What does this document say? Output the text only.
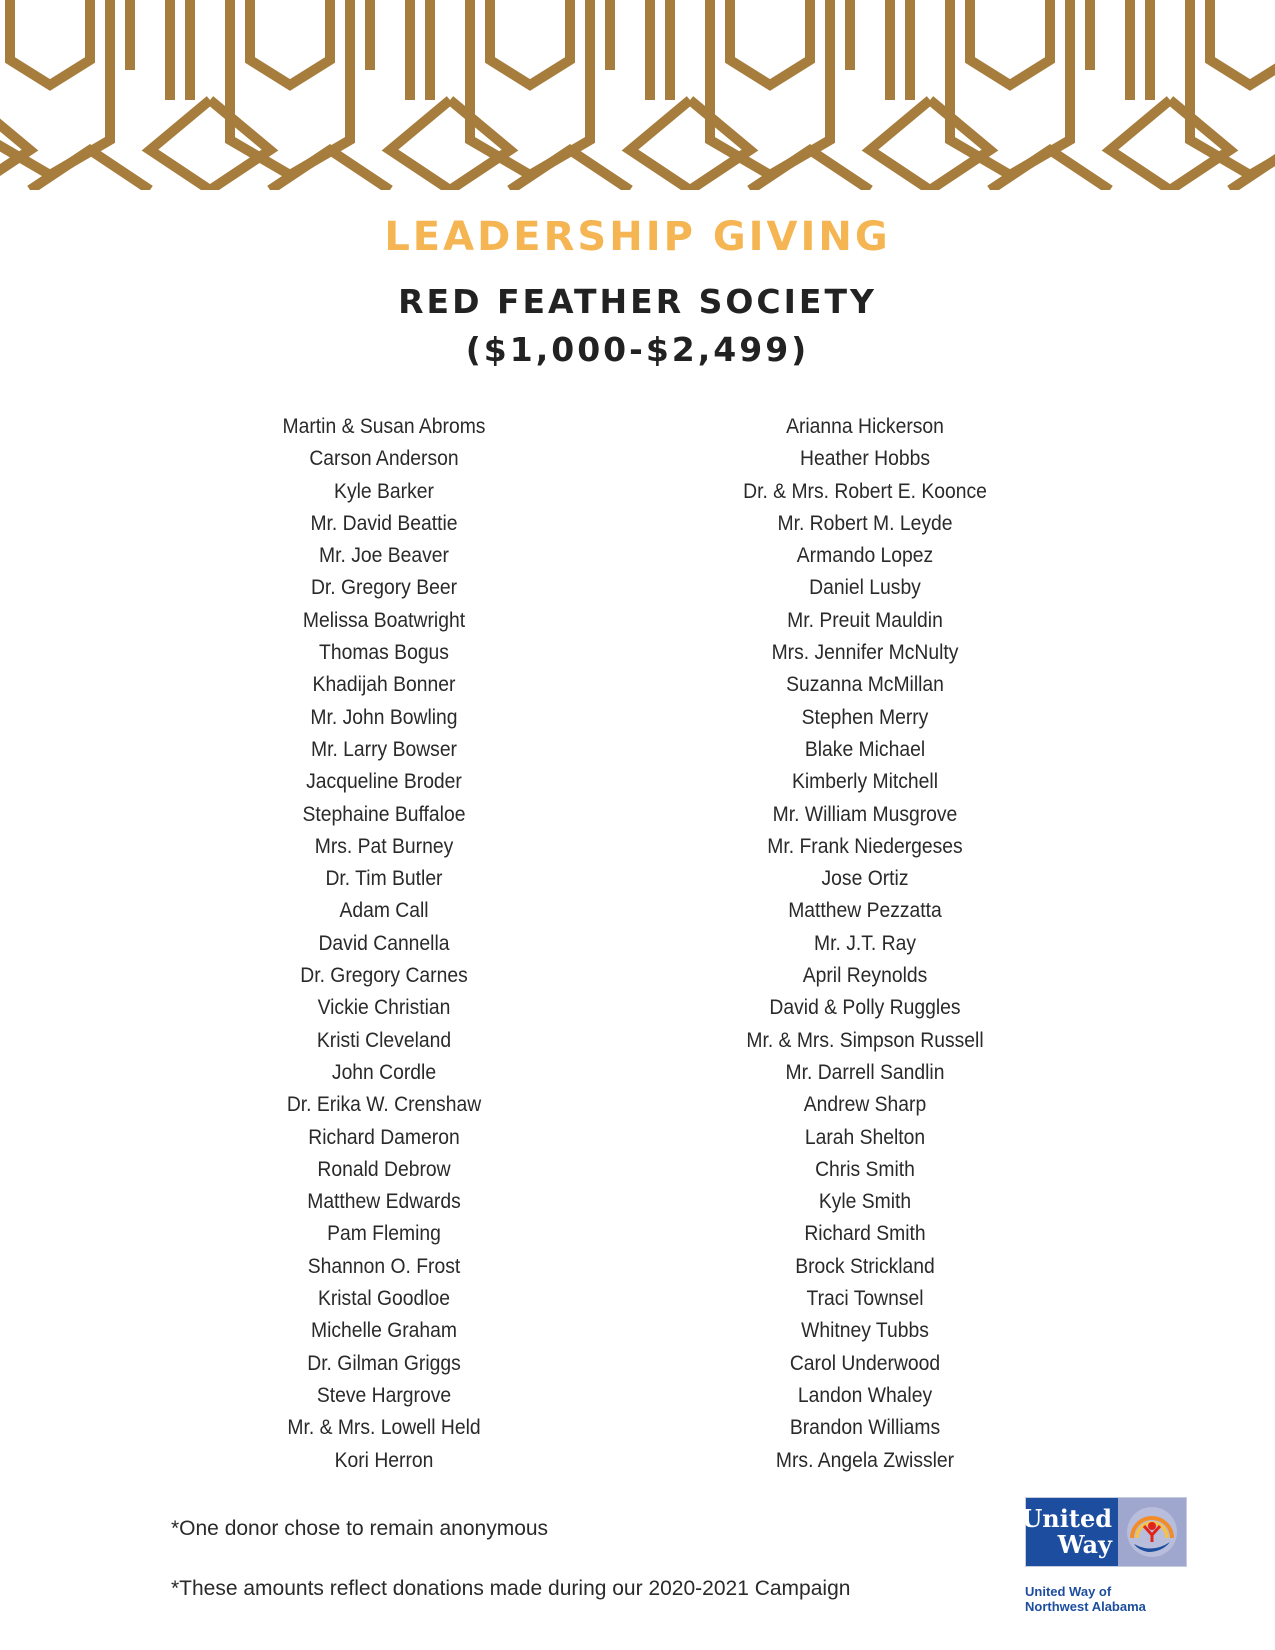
LEADERSHIP GIVING
RED FEATHER SOCIETY
($1,000-$2,499)
Martin & Susan Abroms
Carson Anderson
Kyle Barker
Mr. David Beattie
Mr. Joe Beaver
Dr. Gregory Beer
Melissa Boatwright
Thomas Bogus
Khadijah Bonner
Mr. John Bowling
Mr. Larry Bowser
Jacqueline Broder
Stephaine Buffaloe
Mrs. Pat Burney
Dr. Tim Butler
Adam Call
David Cannella
Dr. Gregory Carnes
Vickie Christian
Kristi Cleveland
John Cordle
Dr. Erika W. Crenshaw
Richard Dameron
Ronald Debrow
Matthew Edwards
Pam Fleming
Shannon O. Frost
Kristal Goodloe
Michelle Graham
Dr. Gilman Griggs
Steve Hargrove
Mr. & Mrs. Lowell Held
Kori Herron
Arianna Hickerson
Heather Hobbs
Dr. & Mrs. Robert E. Koonce
Mr. Robert M. Leyde
Armando Lopez
Daniel Lusby
Mr. Preuit Mauldin
Mrs. Jennifer McNulty
Suzanna McMillan
Stephen Merry
Blake Michael
Kimberly Mitchell
Mr. William Musgrove
Mr. Frank Niedergeses
Jose Ortiz
Matthew Pezzatta
Mr. J.T. Ray
April Reynolds
David & Polly Ruggles
Mr. & Mrs. Simpson Russell
Mr. Darrell Sandlin
Andrew Sharp
Larah Shelton
Chris Smith
Kyle Smith
Richard Smith
Brock Strickland
Traci Townsel
Whitney Tubbs
Carol Underwood
Landon Whaley
Brandon Williams
Mrs. Angela Zwissler
*One donor chose to remain anonymous
*These amounts reflect donations made during our 2020-2021 Campaign
United
Way
United Way of
Northwest Alabama
